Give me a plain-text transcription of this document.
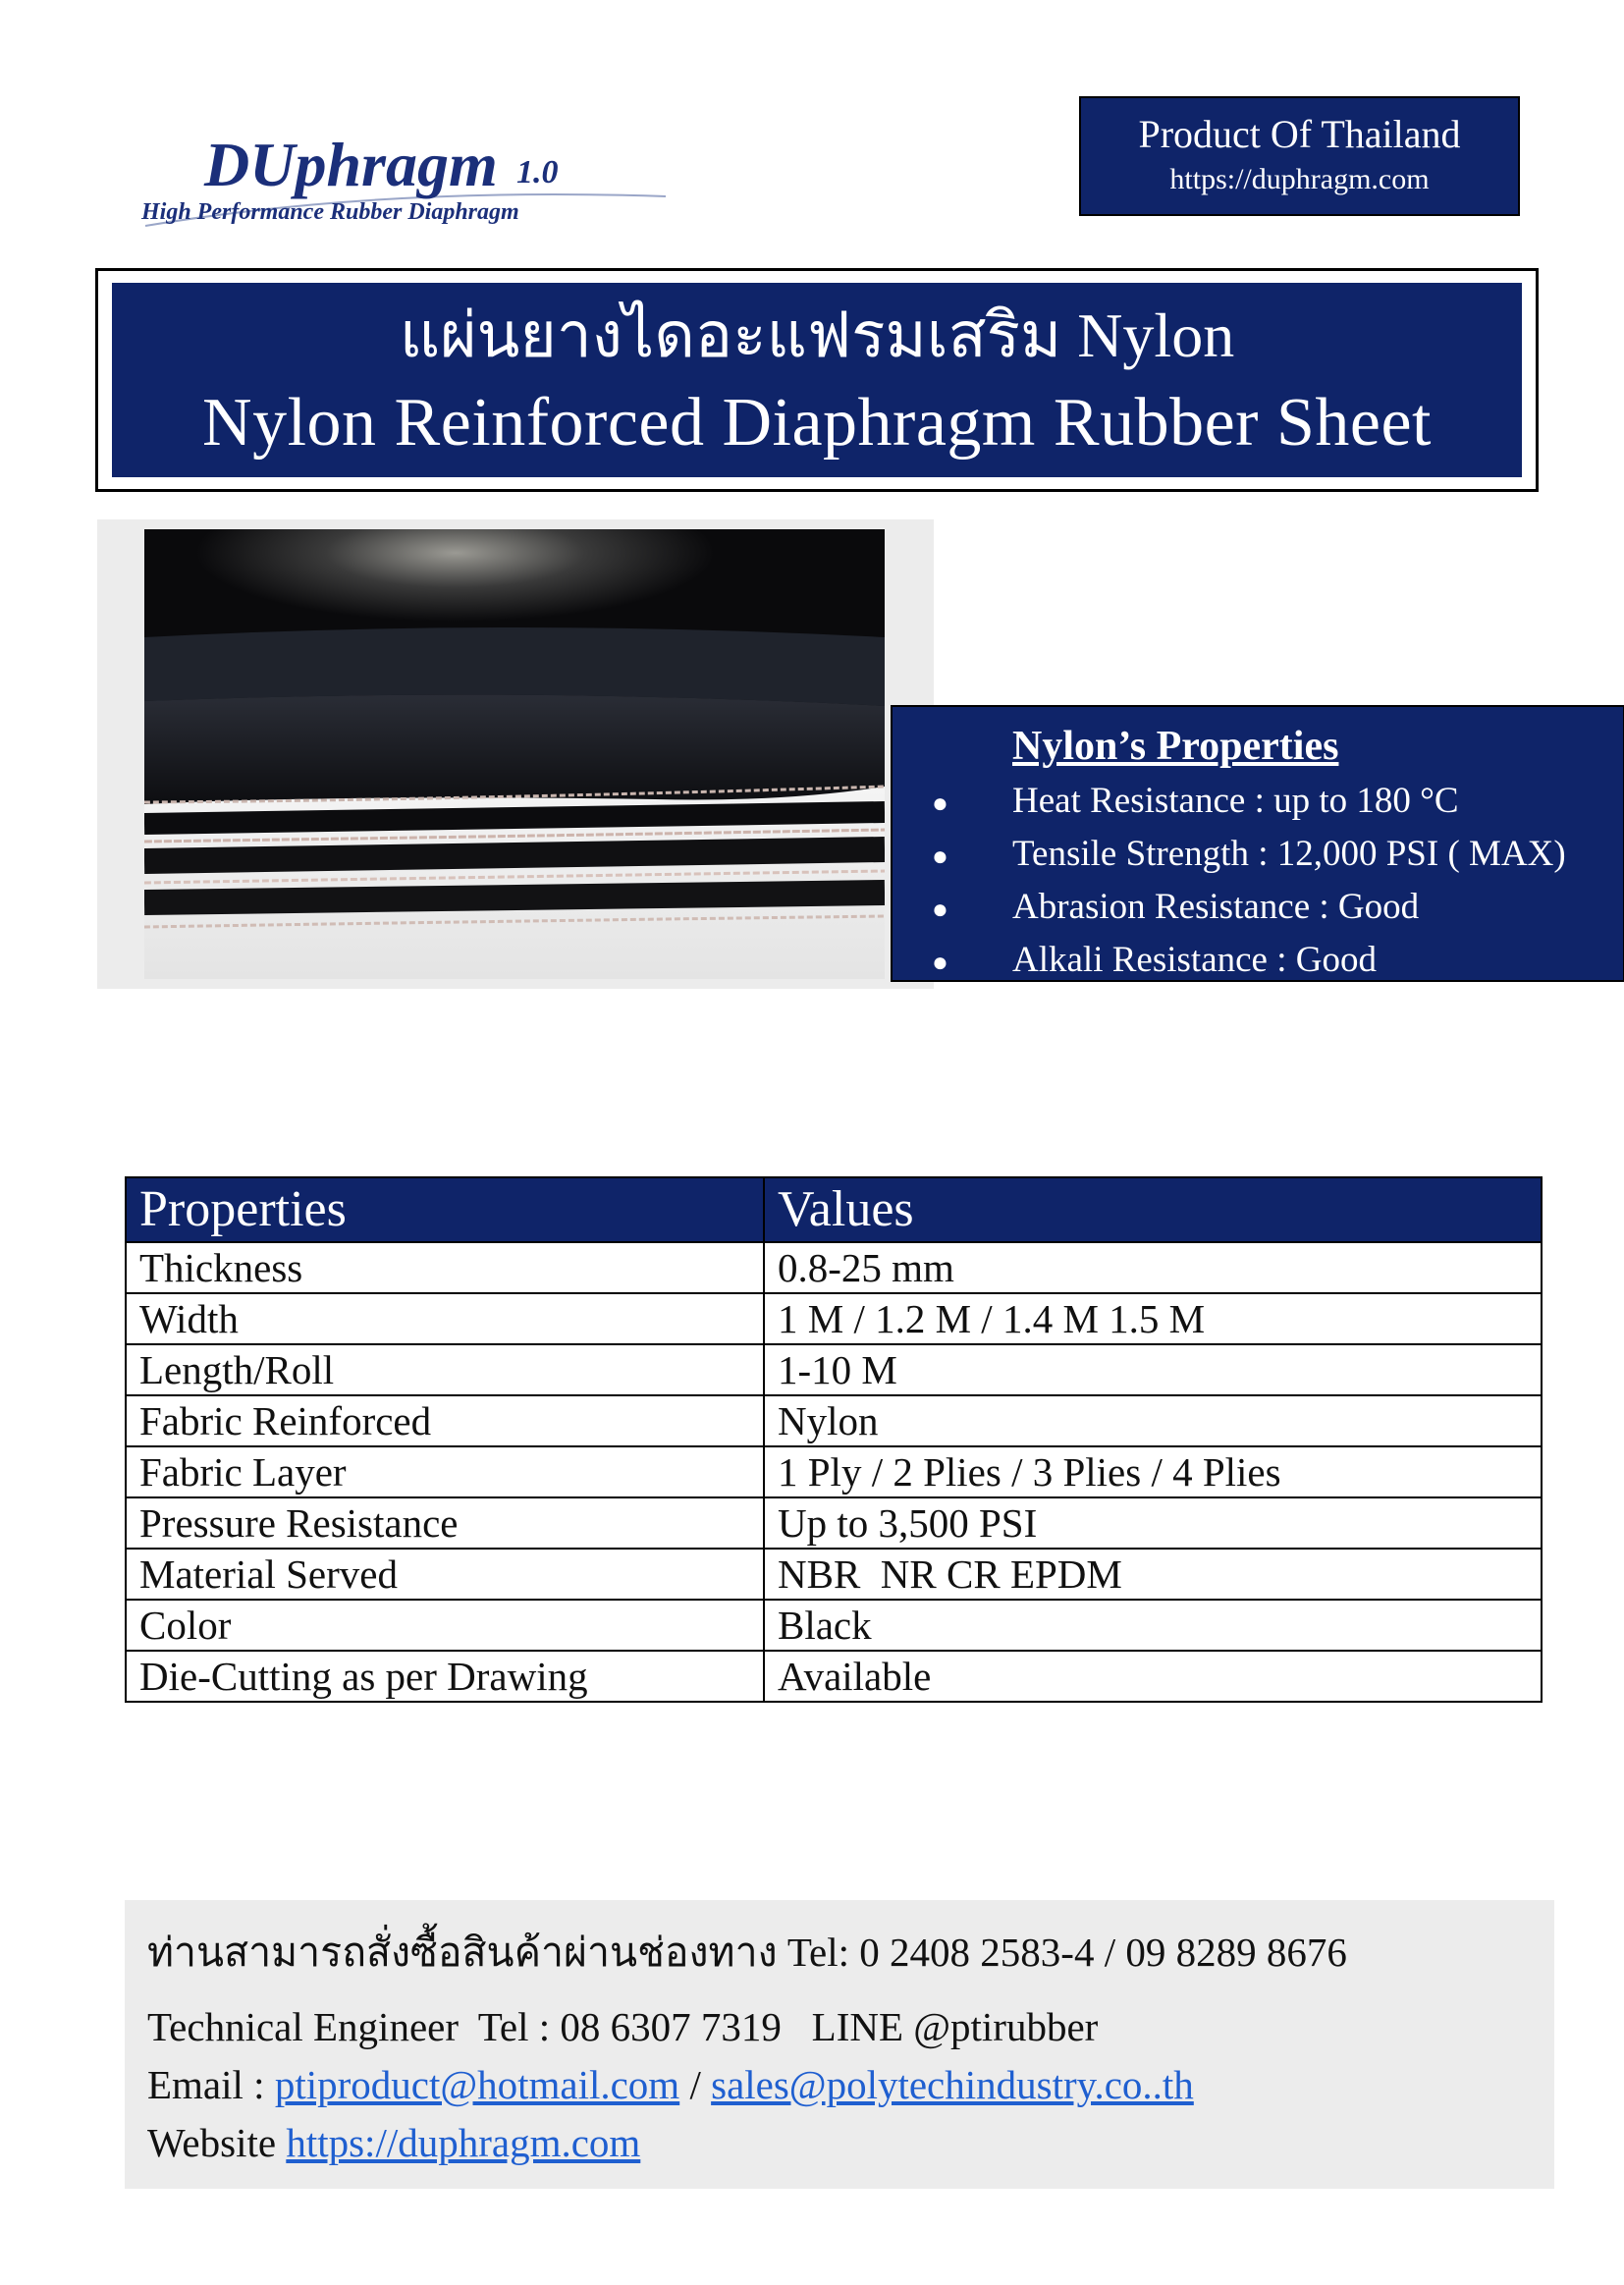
DUphragm 1.0
High Performance Rubber Diaphragm
Product Of Thailand
https://duphragm.com
แผ่นยางไดอะแฟรมเสริม Nylon
Nylon Reinforced Diaphragm Rubber Sheet
Nylon’s Properties
● Heat Resistance : up to 180 °C
● Tensile Strength : 12,000 PSI ( MAX)
● Abrasion Resistance : Good
● Alkali Resistance : Good
Properties	Values
Thickness	0.8-25 mm
Width	1 M / 1.2 M / 1.4 M 1.5 M
Length/Roll	1-10 M
Fabric Reinforced	Nylon
Fabric Layer	1 Ply / 2 Plies / 3 Plies / 4 Plies
Pressure Resistance	Up to 3,500 PSI
Material Served	NBR  NR CR EPDM
Color	Black
Die-Cutting as per Drawing	Available
ท่านสามารถสั่งซื้อสินค้าผ่านช่องทาง Tel: 0 2408 2583-4 / 09 8289 8676
Technical Engineer  Tel : 08 6307 7319   LINE @ptirubber
Email : ptiproduct@hotmail.com / sales@polytechindustry.co..th
Website https://duphragm.com
